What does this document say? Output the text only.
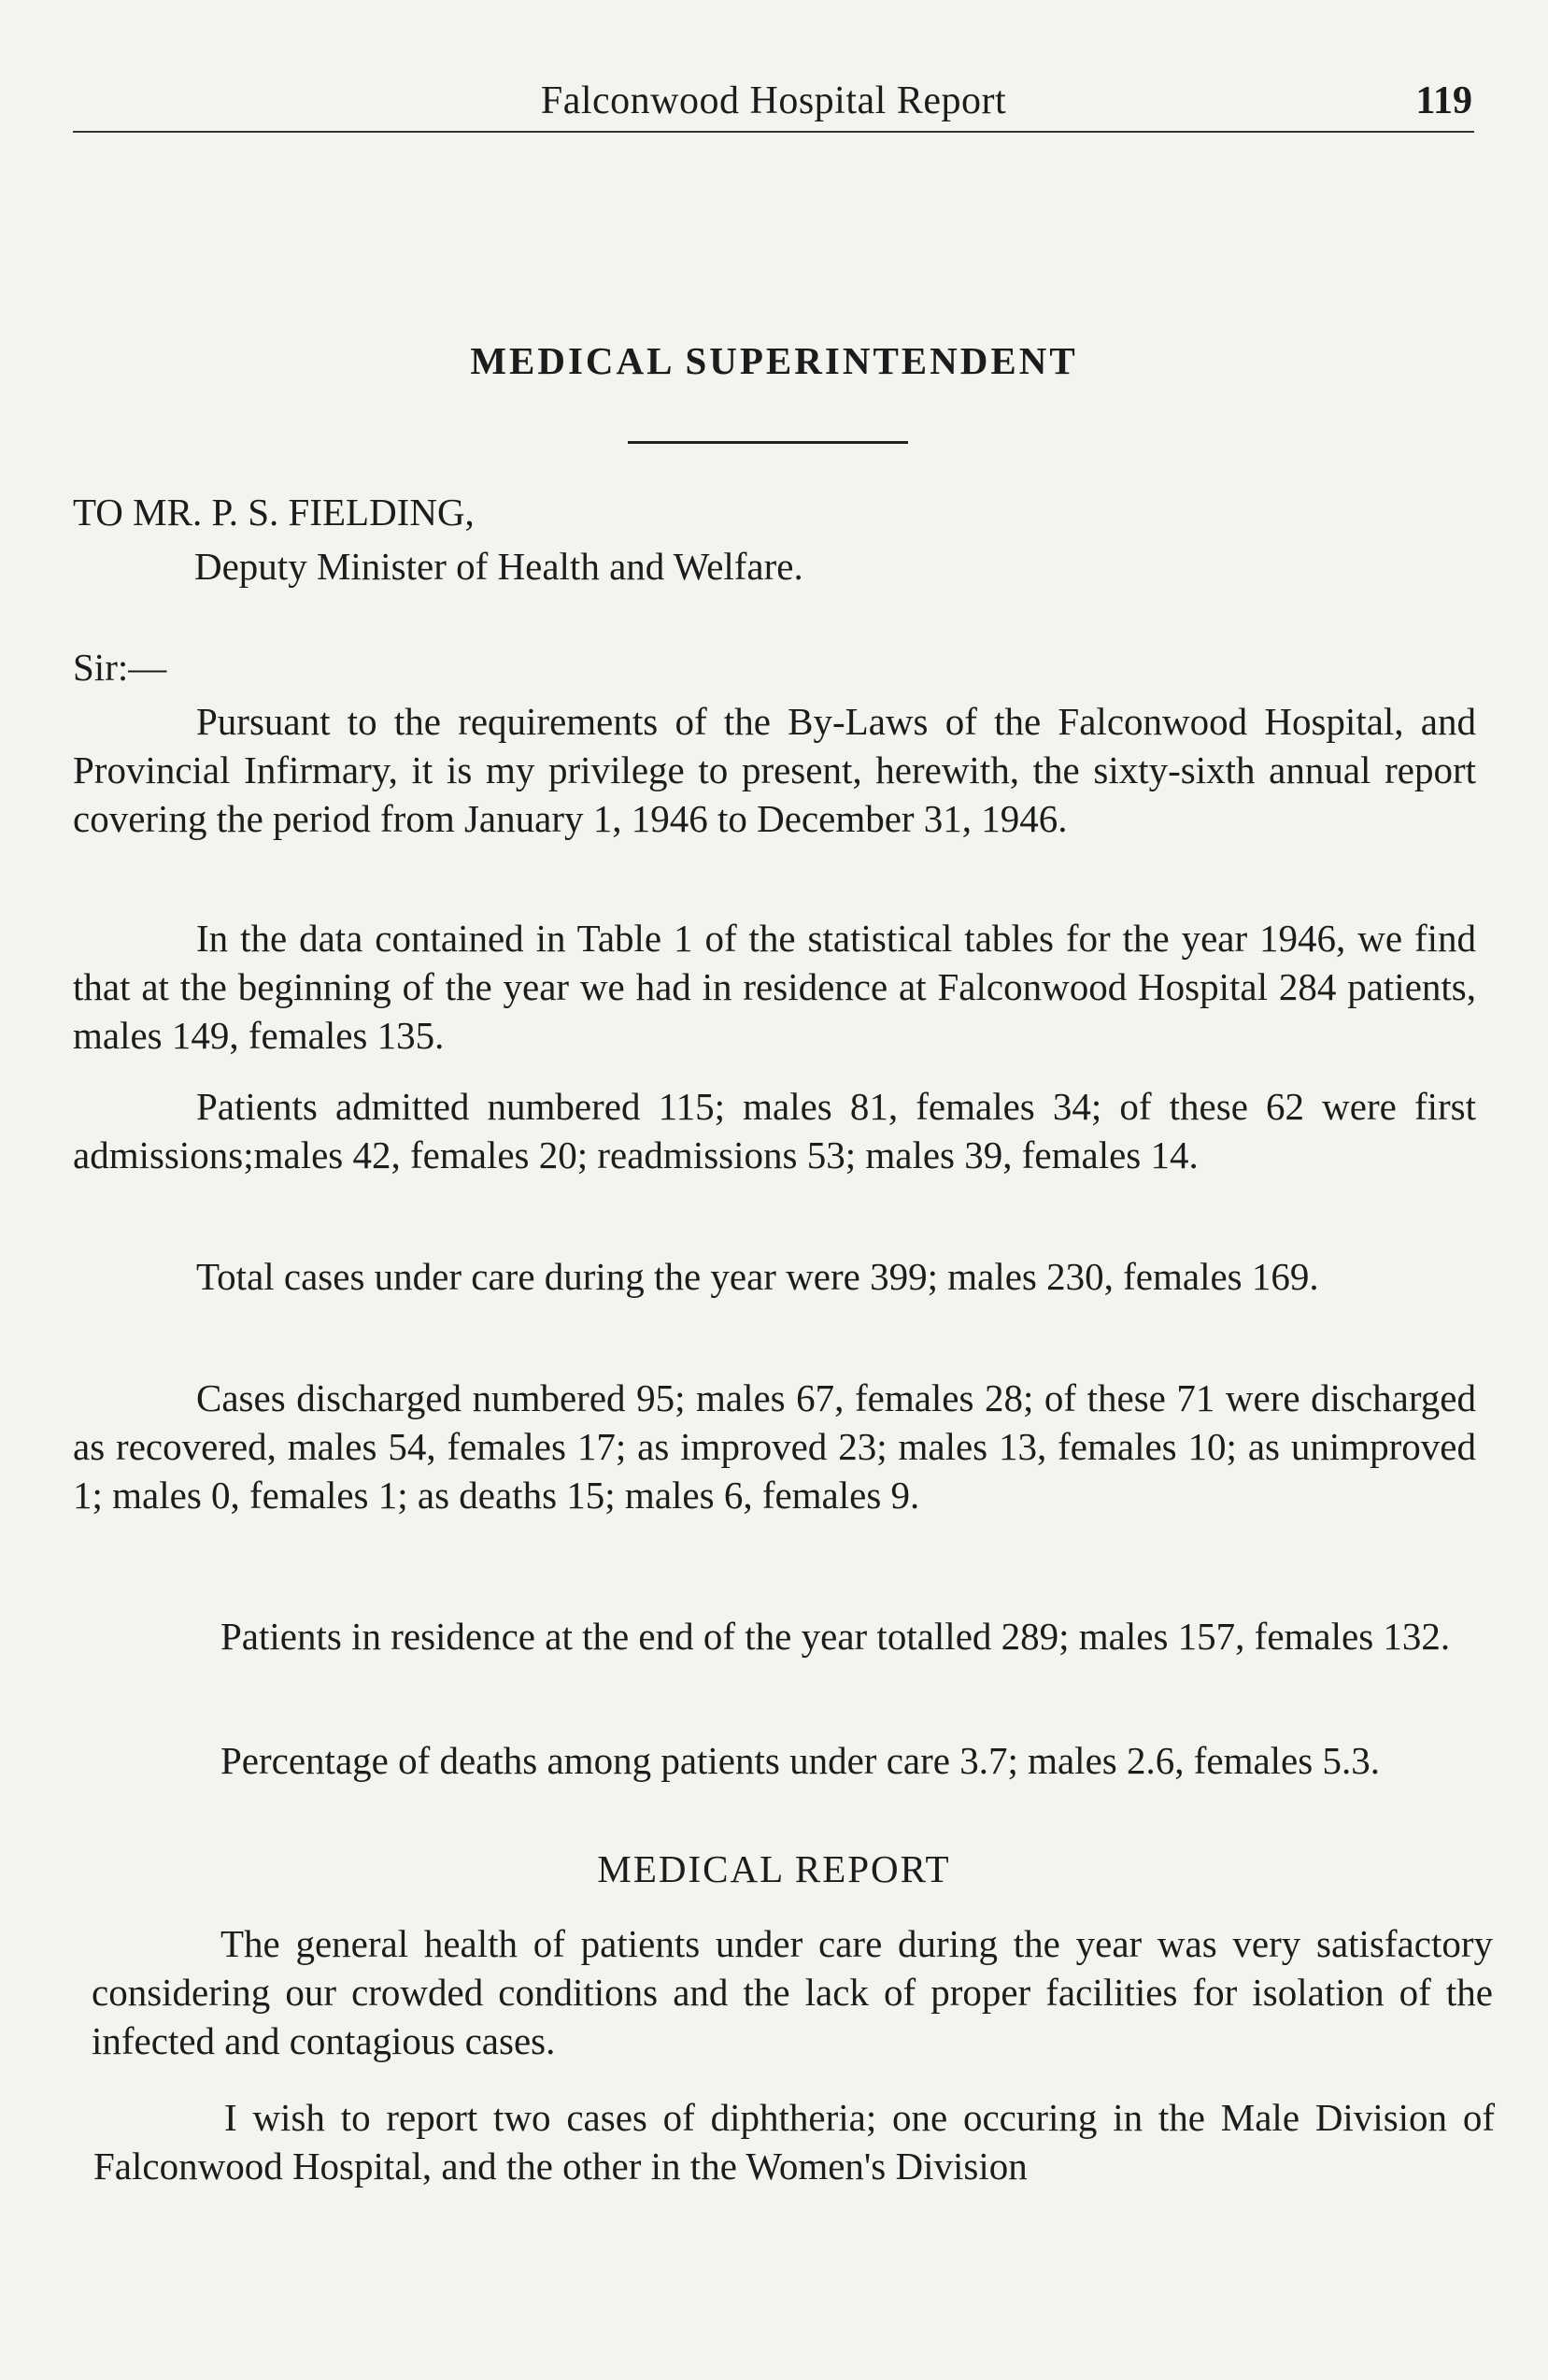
Falconwood Hospital Report	119
MEDICAL SUPERINTENDENT
TO MR. P. S. FIELDING,
Deputy Minister of Health and Welfare.
Sir:—

Pursuant to the requirements of the By-Laws of the Falconwood Hospital, and Provincial Infirmary, it is my privilege to present, herewith, the sixty-sixth annual report covering the period from January 1, 1946 to December 31, 1946.

In the data contained in Table 1 of the statistical tables for the year 1946, we find that at the beginning of the year we had in residence at Falconwood Hospital 284 patients, males 149, females 135.

Patients admitted numbered 115; males 81, females 34; of these 62 were first admissions;males 42, females 20; readmissions 53; males 39, females 14.

Total cases under care during the year were 399; males 230, females 169.

Cases discharged numbered 95; males 67, females 28; of these 71 were discharged as recovered, males 54, females 17; as improved 23; males 13, females 10; as unimproved 1; males 0, females 1; as deaths 15; males 6, females 9.

Patients in residence at the end of the year totalled 289; males 157, females 132.

Percentage of deaths among patients under care 3.7; males 2.6, females 5.3.

MEDICAL REPORT

The general health of patients under care during the year was very satisfactory considering our crowded conditions and the lack of proper facilities for isolation of the infected and contagious cases.

I wish to report two cases of diphtheria; one occuring in the Male Division of Falconwood Hospital, and the other in the Women's Division
